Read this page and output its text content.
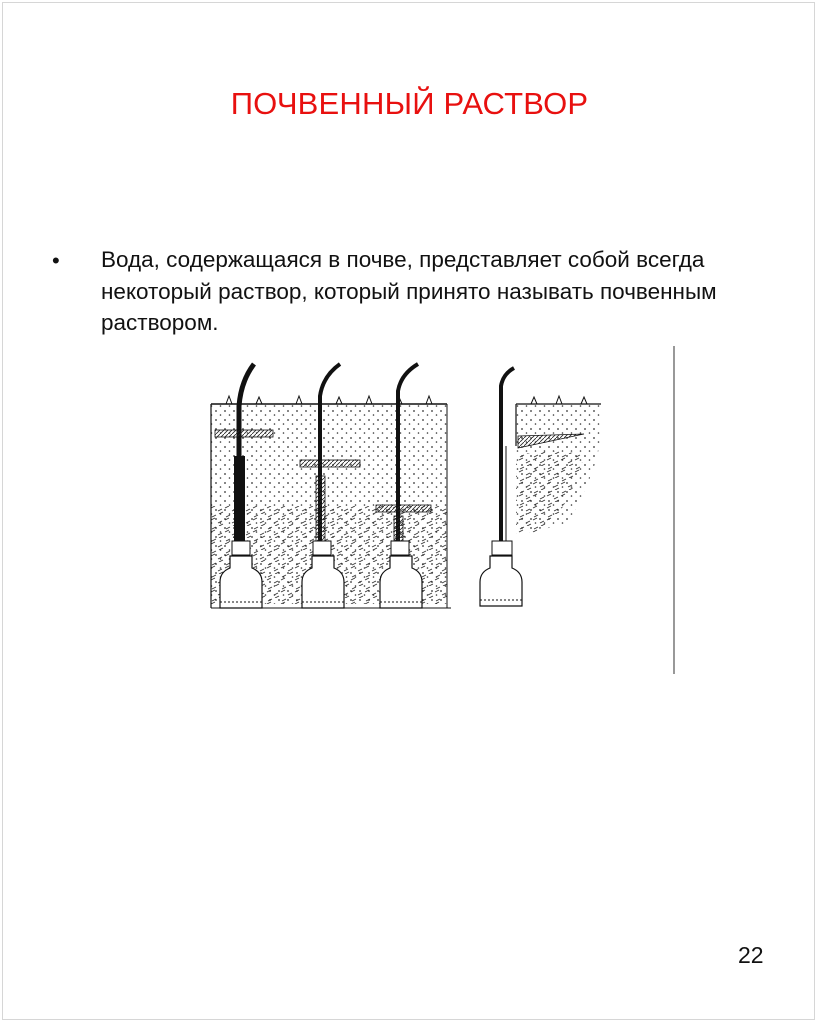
ПОЧВЕННЫЙ РАСТВОР
• Вода, содержащаяся в почве, представляет собой всегда некоторый раствор, который принято называть почвенным раствором.
22
